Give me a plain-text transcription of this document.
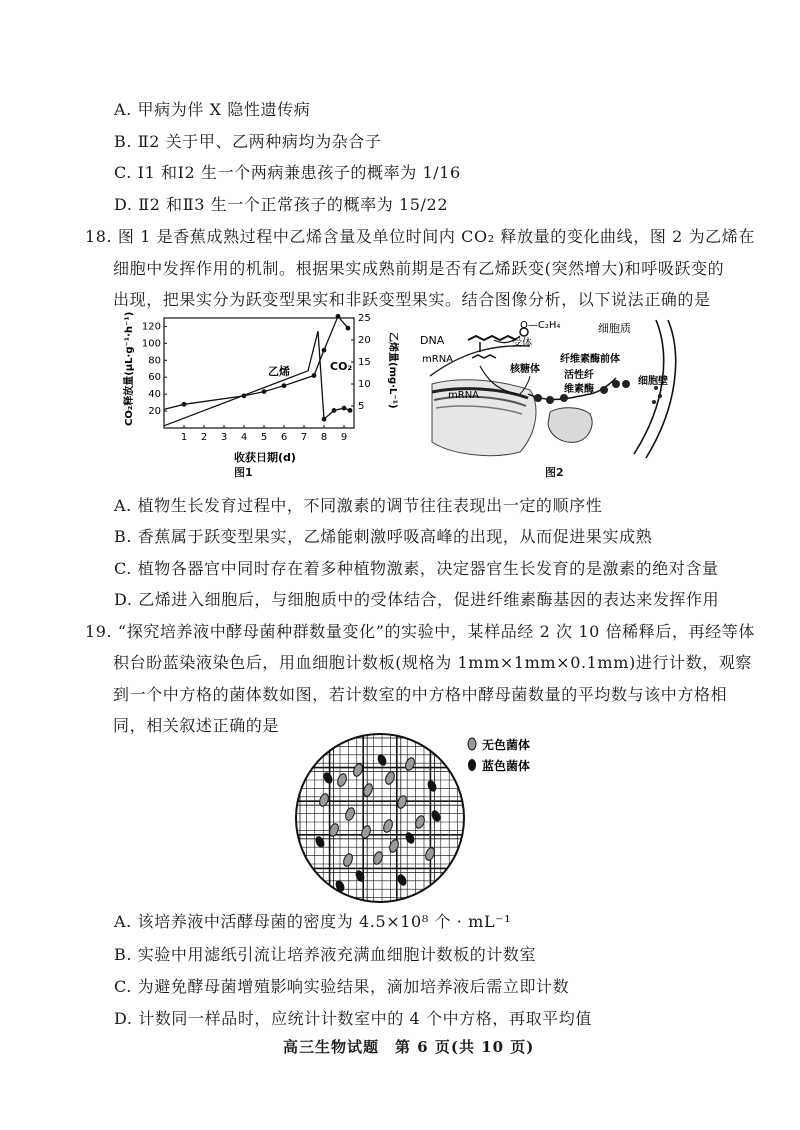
A. 甲病为伴 X 隐性遗传病
B. Ⅱ2 关于甲、乙两种病均为杂合子
C. Ⅰ1 和Ⅰ2 生一个两病兼患孩子的概率为 1/16
D. Ⅱ2 和Ⅱ3 生一个正常孩子的概率为 15/22
18. 图 1 是香蕉成熟过程中乙烯含量及单位时间内 CO₂ 释放量的变化曲线，图 2 为乙烯在
细胞中发挥作用的机制。根据果实成熟前期是否有乙烯跃变(突然增大)和呼吸跃变的
出现，把果实分为跃变型果实和非跃变型果实。结合图像分析，以下说法正确的是
1 2 3 4 5 6 7 8 9
20
40
60
80
100
120
5
10
15
20
25
CO₂释放量(μL·g⁻¹·h⁻¹)	乙烯量(mg·L⁻¹)
收获日期(d)
乙烯	CO₂
图1
DNA
O—C₂H₄
受体
mRNA
mRNA
核糖体
细胞质
纤维素酶前体
活性纤
维素酶
细胞壁
图2
A. 植物生长发育过程中，不同激素的调节往往表现出一定的顺序性
B. 香蕉属于跃变型果实，乙烯能刺激呼吸高峰的出现，从而促进果实成熟
C. 植物各器官中同时存在着多种植物激素，决定器官生长发育的是激素的绝对含量
D. 乙烯进入细胞后，与细胞质中的受体结合，促进纤维素酶基因的表达来发挥作用
19. “探究培养液中酵母菌种群数量变化”的实验中，某样品经 2 次 10 倍稀释后，再经等体
积台盼蓝染液染色后，用血细胞计数板(规格为 1mm×1mm×0.1mm)进行计数，观察
到一个中方格的菌体数如图，若计数室的中方格中酵母菌数量的平均数与该中方格相
同，相关叙述正确的是
无色菌体
蓝色菌体
A. 该培养液中活酵母菌的密度为 4.5×10⁸ 个 · mL⁻¹
B. 实验中用滤纸引流让培养液充满血细胞计数板的计数室
C. 为避免酵母菌增殖影响实验结果，滴加培养液后需立即计数
D. 计数同一样品时，应统计计数室中的 4 个中方格，再取平均值
高三生物试题　第 6 页(共 10 页)
